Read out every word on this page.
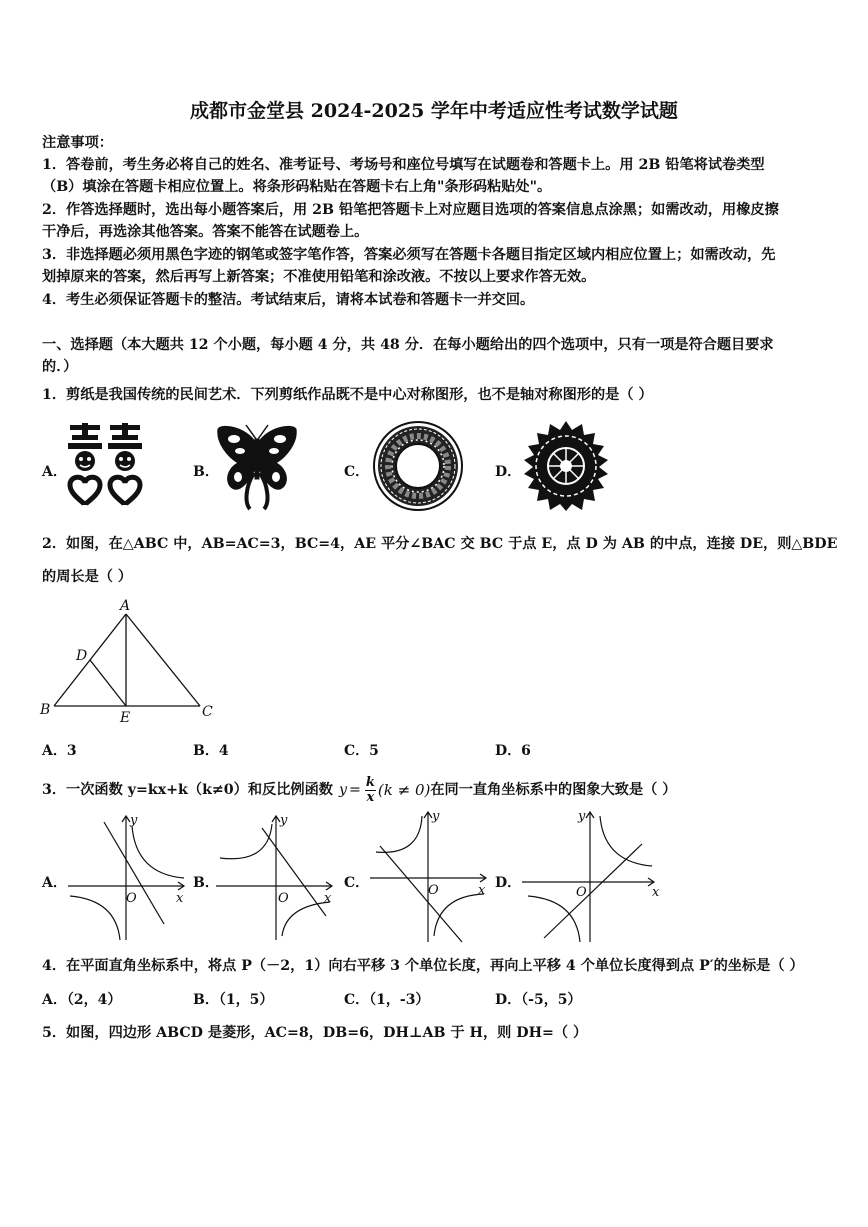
成都市金堂县 2024-2025 学年中考适应性考试数学试题
注意事项：
1．答卷前，考生务必将自己的姓名、准考证号、考场号和座位号填写在试题卷和答题卡上。用 2B 铅笔将试卷类型
（B）填涂在答题卡相应位置上。将条形码粘贴在答题卡右上角"条形码粘贴处"。
2．作答选择题时，选出每小题答案后，用 2B 铅笔把答题卡上对应题目选项的答案信息点涂黑；如需改动，用橡皮擦
干净后，再选涂其他答案。答案不能答在试题卷上。
3．非选择题必须用黑色字迹的钢笔或签字笔作答，答案必须写在答题卡各题目指定区域内相应位置上；如需改动，先
划掉原来的答案，然后再写上新答案；不准使用铅笔和涂改液。不按以上要求作答无效。
4．考生必须保证答题卡的整洁。考试结束后，请将本试卷和答题卡一并交回。
一、选择题（本大题共 12 个小题，每小题 4 分，共 48 分．在每小题给出的四个选项中，只有一项是符合题目要求
的．）
1．剪纸是我国传统的民间艺术．下列剪纸作品既不是中心对称图形，也不是轴对称图形的是（ ）
A．	B．	C．	D．
2．如图，在△ABC 中，AB=AC=3，BC=4，AE 平分∠BAC 交 BC 于点 E，点 D 为 AB 的中点，连接 DE，则△BDE
的周长是（ ）
A
D
B	E	C
A．3	B．4	C．5	D．6
3．一次函数 y=kx+k（k≠0）和反比例函数 $y = \frac{k}{x} (k \ne 0)$ 在同一直角坐标系中的图象大致是（ ）
A．
y
x
O
B．
y
x
O
C．
y
x
O	D．
y
x
O
4．在平面直角坐标系中，将点 P（－2，1）向右平移 3 个单位长度，再向上平移 4 个单位长度得到点 P′的坐标是（ ）
A．（2，4）	B．（1，5）	C．（1，-3）	D．（-5，5）
5．如图，四边形 ABCD 是菱形，AC=8，DB=6，DH⊥AB 于 H，则 DH=（ ）
